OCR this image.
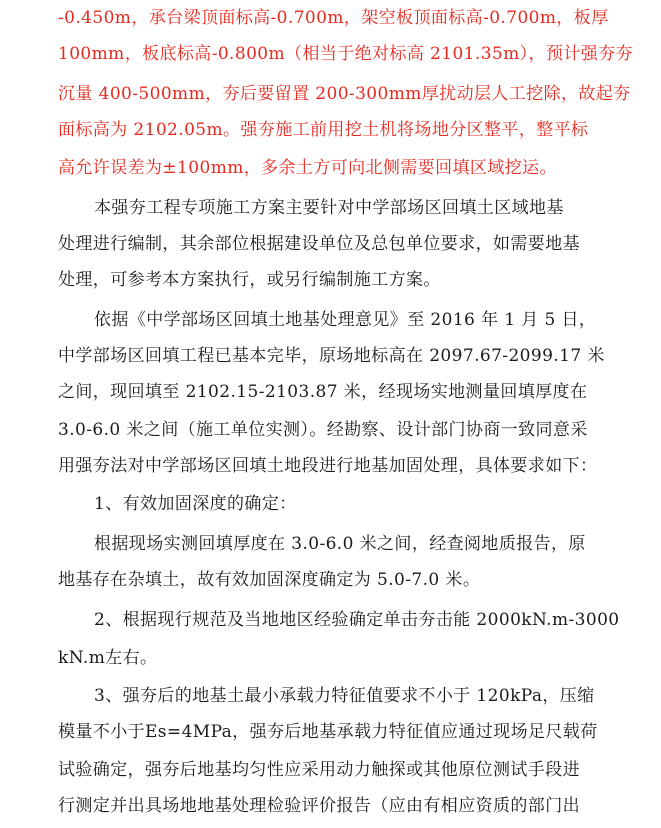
-0.450m，承台梁顶面标高-0.700m，架空板顶面标高-0.700m，板厚
100mm，板底标高-0.800m（相当于绝对标高 2101.35m），预计强夯夯
沉量 400-500mm，夯后要留置 200-300mm厚扰动层人工挖除，故起夯
面标高为 2102.05m。强夯施工前用挖土机将场地分区整平，整平标
高允许误差为±100mm，多余土方可向北侧需要回填区域挖运。
本强夯工程专项施工方案主要针对中学部场区回填土区域地基
处理进行编制，其余部位根据建设单位及总包单位要求，如需要地基
处理，可参考本方案执行，或另行编制施工方案。
依据《中学部场区回填土地基处理意见》至 2016 年 1 月 5 日，
中学部场区回填工程已基本完毕，原场地标高在 2097.67-2099.17 米
之间，现回填至 2102.15-2103.87 米，经现场实地测量回填厚度在
3.0-6.0 米之间（施工单位实测）。经勘察、设计部门协商一致同意采
用强夯法对中学部场区回填土地段进行地基加固处理，具体要求如下：
1、有效加固深度的确定：
根据现场实测回填厚度在 3.0-6.0 米之间，经查阅地质报告，原
地基存在杂填土，故有效加固深度确定为 5.0-7.0 米。
2、根据现行规范及当地地区经验确定单击夯击能 2000kN.m-3000
kN.m左右。
3、强夯后的地基土最小承载力特征值要求不小于 120kPa，压缩
模量不小于Es=4MPa，强夯后地基承载力特征值应通过现场足尺载荷
试验确定，强夯后地基均匀性应采用动力触探或其他原位测试手段进
行测定并出具场地地基处理检验评价报告（应由有相应资质的部门出
